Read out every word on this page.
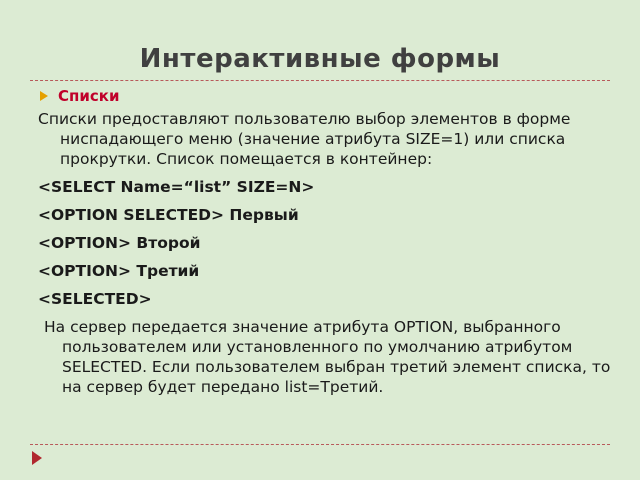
Интерактивные формы
Списки
Списки предоставляют пользователю выбор элементов в форме ниспадающего меню (значение атрибута SIZE=1) или списка прокрутки. Список помещается в контейнер:
<SELECT Name=“list” SIZE=N>
<OPTION SELECTED> Первый
<OPTION> Второй
<OPTION> Третий
<SELECTED>
На сервер передается значение атрибута OPTION, выбранного пользователем или установленного по умолчанию атрибутом SELECTED. Если пользователем выбран третий элемент списка, то на сервер будет передано list=Третий.
